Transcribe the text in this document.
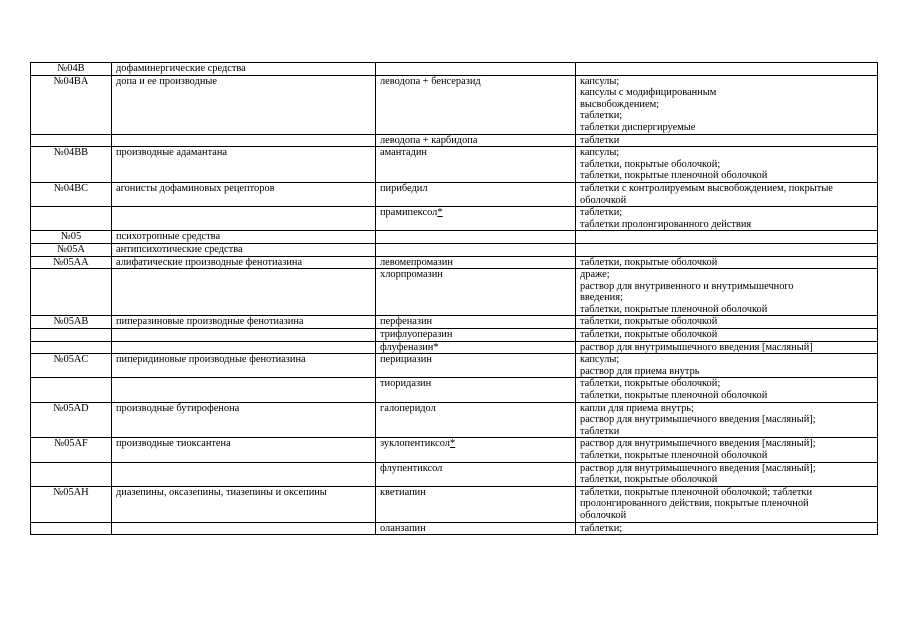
№04B	дофаминергические средства		
№04BA	допа и ее производные	леводопа + бенсеразид	капсулы;
капсулы с модифицированным
высвобождением;
таблетки;
таблетки диспергируемые

		леводопа + карбидопа	таблетки

№04BB	производные адамантана	амантадин	капсулы;
таблетки, покрытые оболочкой;
таблетки, покрытые пленочной оболочкой

№04BC	агонисты дофаминовых рецепторов	пирибедил	таблетки с контролируемым высвобождением, покрытые
оболочкой

		прамипексол*	таблетки;
таблетки пролонгированного действия

№05	психотропные средства		
№05A	антипсихотические средства		
№05AA	алифатические производные фенотиазина	левомепромазин	таблетки, покрытые оболочкой

		хлорпромазин	драже;
раствор для внутривенного и внутримышечного
введения;
таблетки, покрытые пленочной оболочкой

№05AB	пиперазиновые производные фенотиазина	перфеназин	таблетки, покрытые оболочкой

		трифлуоперазин	таблетки, покрытые оболочкой

		флуфеназин*	раствор для внутримышечного введения [масляный]

№05AC	пиперидиновые производные фенотиазина	перициазин	капсулы;
раствор для приема внутрь

		тиоридазин	таблетки, покрытые оболочкой;
таблетки, покрытые пленочной оболочкой

№05AD	производные бутирофенона	галоперидол	капли для приема внутрь;
раствор для внутримышечного введения [масляный];
таблетки

№05AF	производные тиоксантена	зуклопентиксол*	раствор для внутримышечного введения [масляный];
таблетки, покрытые пленочной оболочкой

		флупентиксол	раствор для внутримышечного введения [масляный];
таблетки, покрытые оболочкой

№05AH	диазепины, оксазепины, тиазепины и оксепины	кветиапин	таблетки, покрытые пленочной оболочкой; таблетки
пролонгированного действия, покрытые пленочной
оболочкой

		оланзапин	таблетки;
